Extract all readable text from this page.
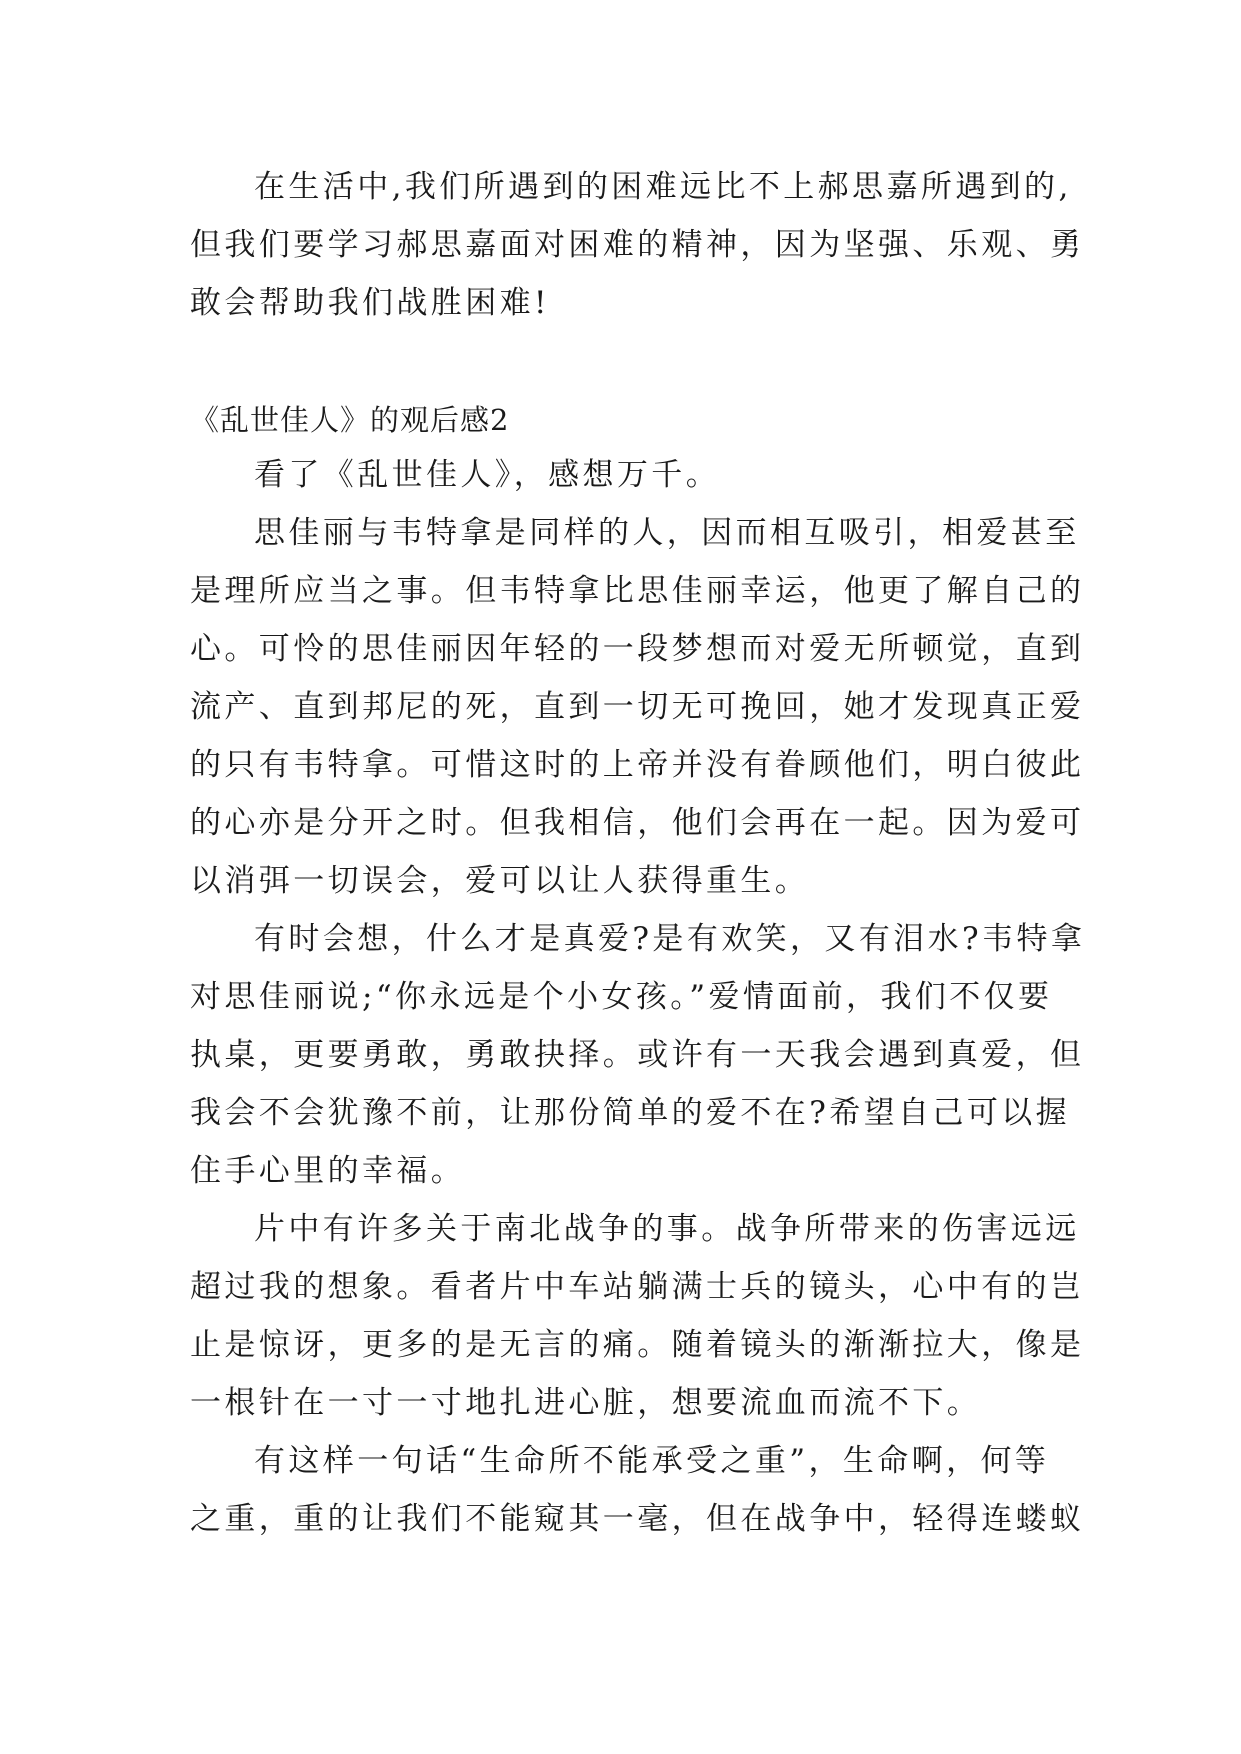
在生活中,我们所遇到的困难远比不上郝思嘉所遇到的,
但我们要学习郝思嘉面对困难的精神，因为坚强、乐观、勇
敢会帮助我们战胜困难!
《乱世佳人》的观后感2
看了《乱世佳人》，感想万千。
思佳丽与韦特拿是同样的人，因而相互吸引，相爱甚至
是理所应当之事。但韦特拿比思佳丽幸运，他更了解自己的
心。可怜的思佳丽因年轻的一段梦想而对爱无所顿觉，直到
流产、直到邦尼的死，直到一切无可挽回，她才发现真正爱
的只有韦特拿。可惜这时的上帝并没有眷顾他们，明白彼此
的心亦是分开之时。但我相信，他们会再在一起。因为爱可
以消弭一切误会，爱可以让人获得重生。
有时会想，什么才是真爱?是有欢笑，又有泪水?韦特拿
对思佳丽说;“你永远是个小女孩。”爱情面前，我们不仅要
执桌，更要勇敢，勇敢抉择。或许有一天我会遇到真爱，但
我会不会犹豫不前，让那份简单的爱不在?希望自己可以握
住手心里的幸福。
片中有许多关于南北战争的事。战争所带来的伤害远远
超过我的想象。看者片中车站躺满士兵的镜头，心中有的岂
止是惊讶，更多的是无言的痛。随着镜头的渐渐拉大，像是
一根针在一寸一寸地扎进心脏，想要流血而流不下。
有这样一句话“生命所不能承受之重”，生命啊，何等
之重，重的让我们不能窥其一毫，但在战争中，轻得连蝼蚁
